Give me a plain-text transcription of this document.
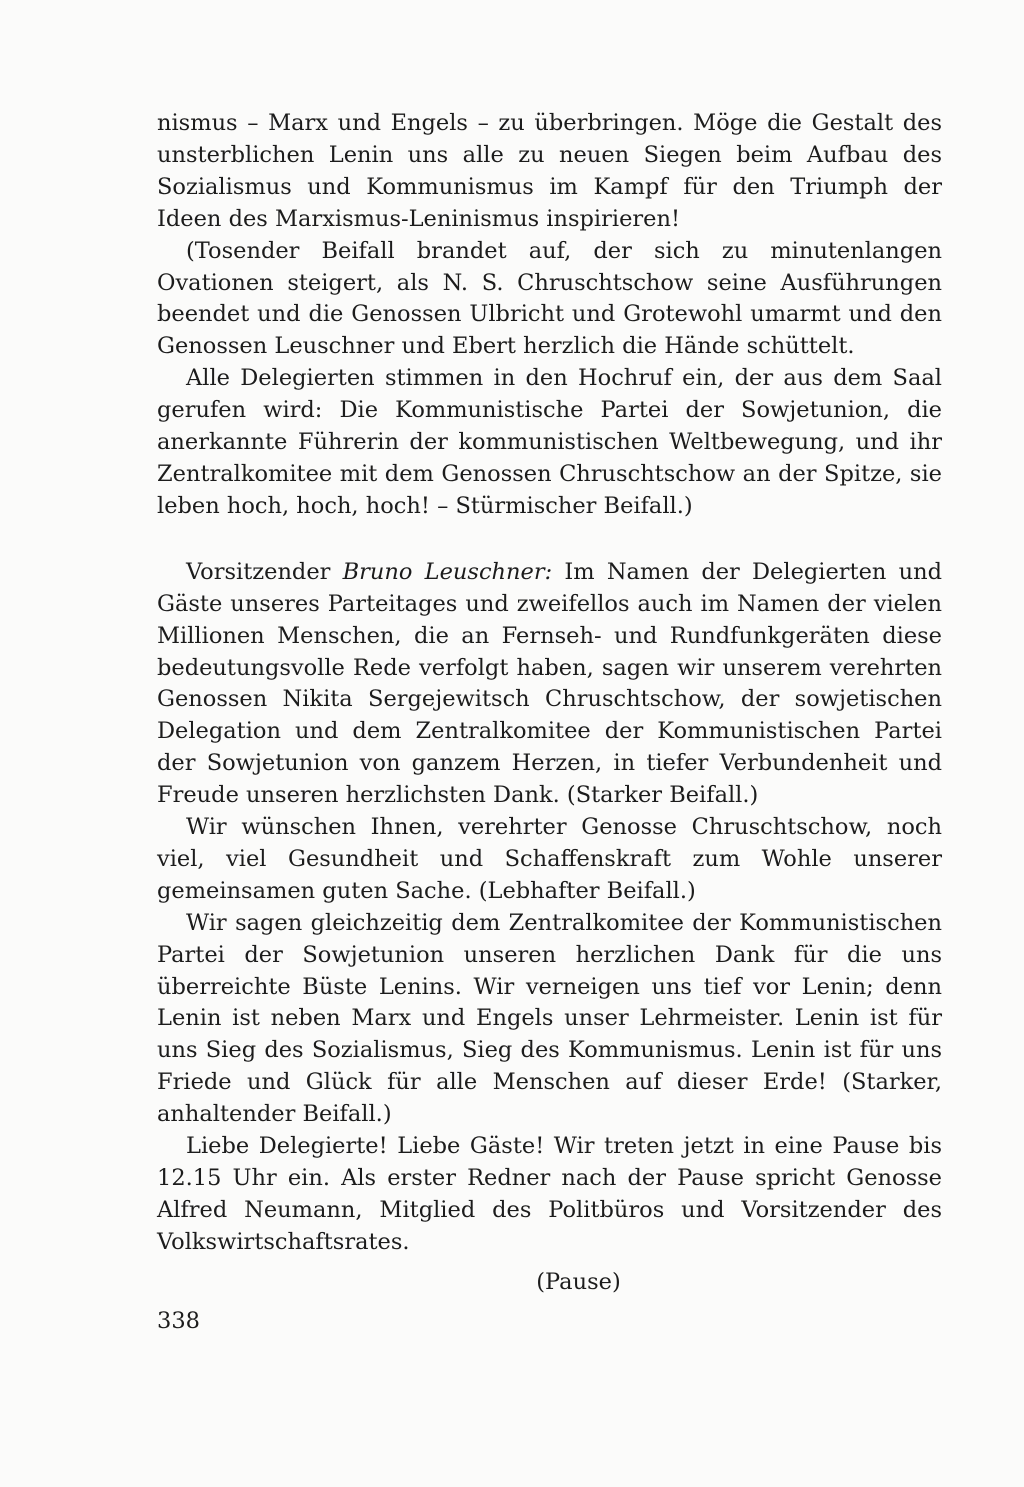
nismus – Marx und Engels – zu überbringen. Möge die Gestalt des unsterblichen Lenin uns alle zu neuen Siegen beim Aufbau des Sozialismus und Kommunismus im Kampf für den Triumph der Ideen des Marxismus-Leninismus inspirieren!

(Tosender Beifall brandet auf, der sich zu minutenlangen Ovationen steigert, als N. S. Chruschtschow seine Ausführungen beendet und die Genossen Ulbricht und Grotewohl umarmt und den Genossen Leuschner und Ebert herzlich die Hände schüttelt.

Alle Delegierten stimmen in den Hochruf ein, der aus dem Saal gerufen wird: Die Kommunistische Partei der Sowjetunion, die anerkannte Führerin der kommunistischen Weltbewegung, und ihr Zentralkomitee mit dem Genossen Chruschtschow an der Spitze, sie leben hoch, hoch, hoch! – Stürmischer Beifall.)

Vorsitzender Bruno Leuschner: Im Namen der Delegierten und Gäste unseres Parteitages und zweifellos auch im Namen der vielen Millionen Menschen, die an Fernseh- und Rundfunkgeräten diese bedeutungsvolle Rede verfolgt haben, sagen wir unserem verehrten Genossen Nikita Sergejewitsch Chruschtschow, der sowjetischen Delegation und dem Zentralkomitee der Kommunistischen Partei der Sowjetunion von ganzem Herzen, in tiefer Verbundenheit und Freude unseren herzlichsten Dank. (Starker Beifall.)

Wir wünschen Ihnen, verehrter Genosse Chruschtschow, noch viel, viel Gesundheit und Schaffenskraft zum Wohle unserer gemeinsamen guten Sache. (Lebhafter Beifall.)

Wir sagen gleichzeitig dem Zentralkomitee der Kommunistischen Partei der Sowjetunion unseren herzlichen Dank für die uns überreichte Büste Lenins. Wir verneigen uns tief vor Lenin; denn Lenin ist neben Marx und Engels unser Lehrmeister. Lenin ist für uns Sieg des Sozialismus, Sieg des Kommunismus. Lenin ist für uns Friede und Glück für alle Menschen auf dieser Erde! (Starker, anhaltender Beifall.)

Liebe Delegierte! Liebe Gäste! Wir treten jetzt in eine Pause bis 12.15 Uhr ein. Als erster Redner nach der Pause spricht Genosse Alfred Neumann, Mitglied des Politbüros und Vorsitzender des Volkswirtschaftsrates.

(Pause)

338
